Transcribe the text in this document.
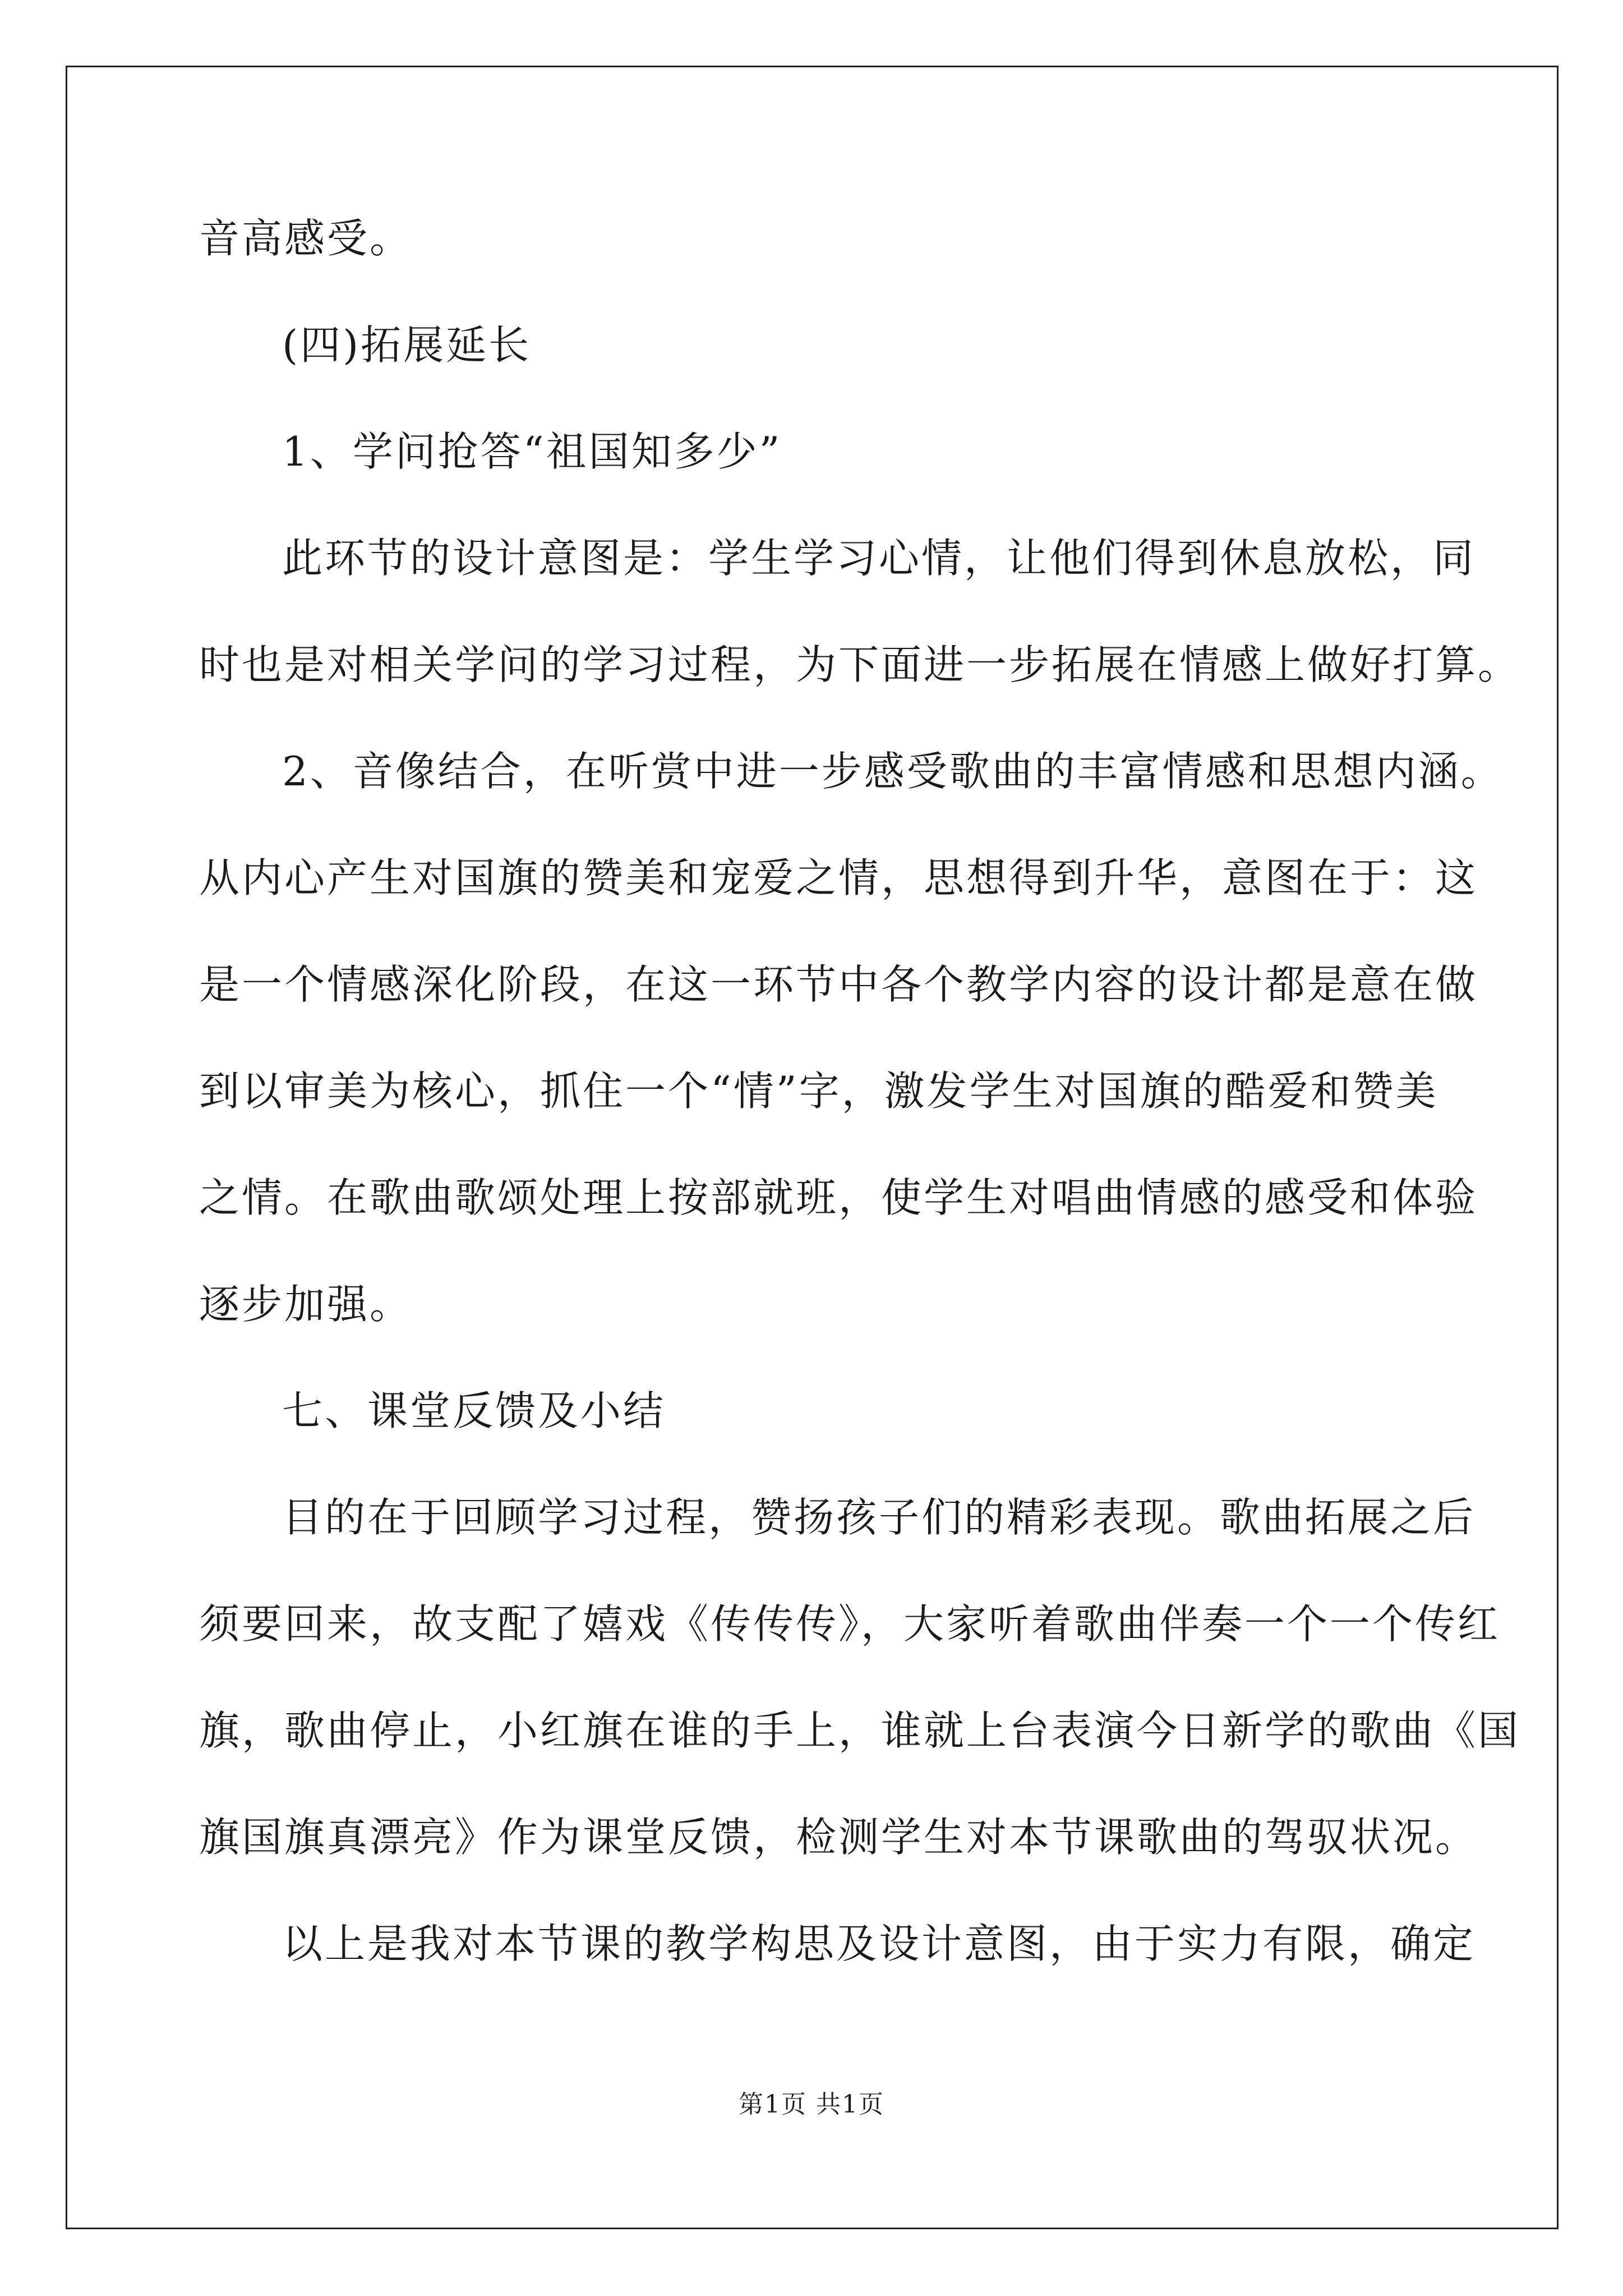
音高感受。
(四)拓展延长
1、学问抢答“祖国知多少”
此环节的设计意图是：学生学习心情，让他们得到休息放松，同
时也是对相关学问的学习过程，为下面进一步拓展在情感上做好打算。
2、音像结合，在听赏中进一步感受歌曲的丰富情感和思想内涵。
从内心产生对国旗的赞美和宠爱之情，思想得到升华，意图在于：这
是一个情感深化阶段，在这一环节中各个教学内容的设计都是意在做
到以审美为核心，抓住一个“情”字，激发学生对国旗的酷爱和赞美
之情。在歌曲歌颂处理上按部就班，使学生对唱曲情感的感受和体验
逐步加强。
七、课堂反馈及小结
目的在于回顾学习过程，赞扬孩子们的精彩表现。歌曲拓展之后
须要回来，故支配了嬉戏《传传传》，大家听着歌曲伴奏一个一个传红
旗，歌曲停止，小红旗在谁的手上，谁就上台表演今日新学的歌曲《国
旗国旗真漂亮》作为课堂反馈，检测学生对本节课歌曲的驾驭状况。
以上是我对本节课的教学构思及设计意图，由于实力有限，确定
第1页 共1页
